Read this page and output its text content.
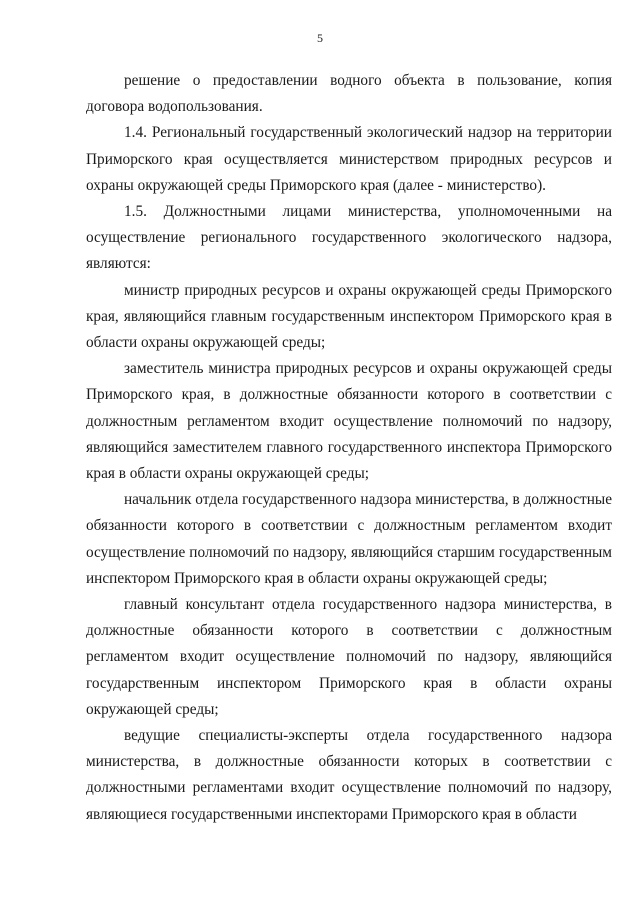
5

решение о предоставлении водного объекта в пользование, копия договора водопользования.

1.4. Региональный государственный экологический надзор на территории Приморского края осуществляется министерством природных ресурсов и охраны окружающей среды Приморского края (далее - министерство).

1.5. Должностными лицами министерства, уполномоченными на осуществление регионального государственного экологического надзора, являются:

министр природных ресурсов и охраны окружающей среды Приморского края, являющийся главным государственным инспектором Приморского края в области охраны окружающей среды;

заместитель министра природных ресурсов и охраны окружающей среды Приморского края, в должностные обязанности которого в соответствии с должностным регламентом входит осуществление полномочий по надзору, являющийся заместителем главного государственного инспектора Приморского края в области охраны окружающей среды;

начальник отдела государственного надзора министерства, в должностные обязанности которого в соответствии с должностным регламентом входит осуществление полномочий по надзору, являющийся старшим государственным инспектором Приморского края в области охраны окружающей среды;

главный консультант отдела государственного надзора министерства, в должностные обязанности которого в соответствии с должностным регламентом входит осуществление полномочий по надзору, являющийся государственным инспектором Приморского края в области охраны окружающей среды;

ведущие специалисты-эксперты отдела государственного надзора министерства, в должностные обязанности которых в соответствии с должностными регламентами входит осуществление полномочий по надзору, являющиеся государственными инспекторами Приморского края в области
